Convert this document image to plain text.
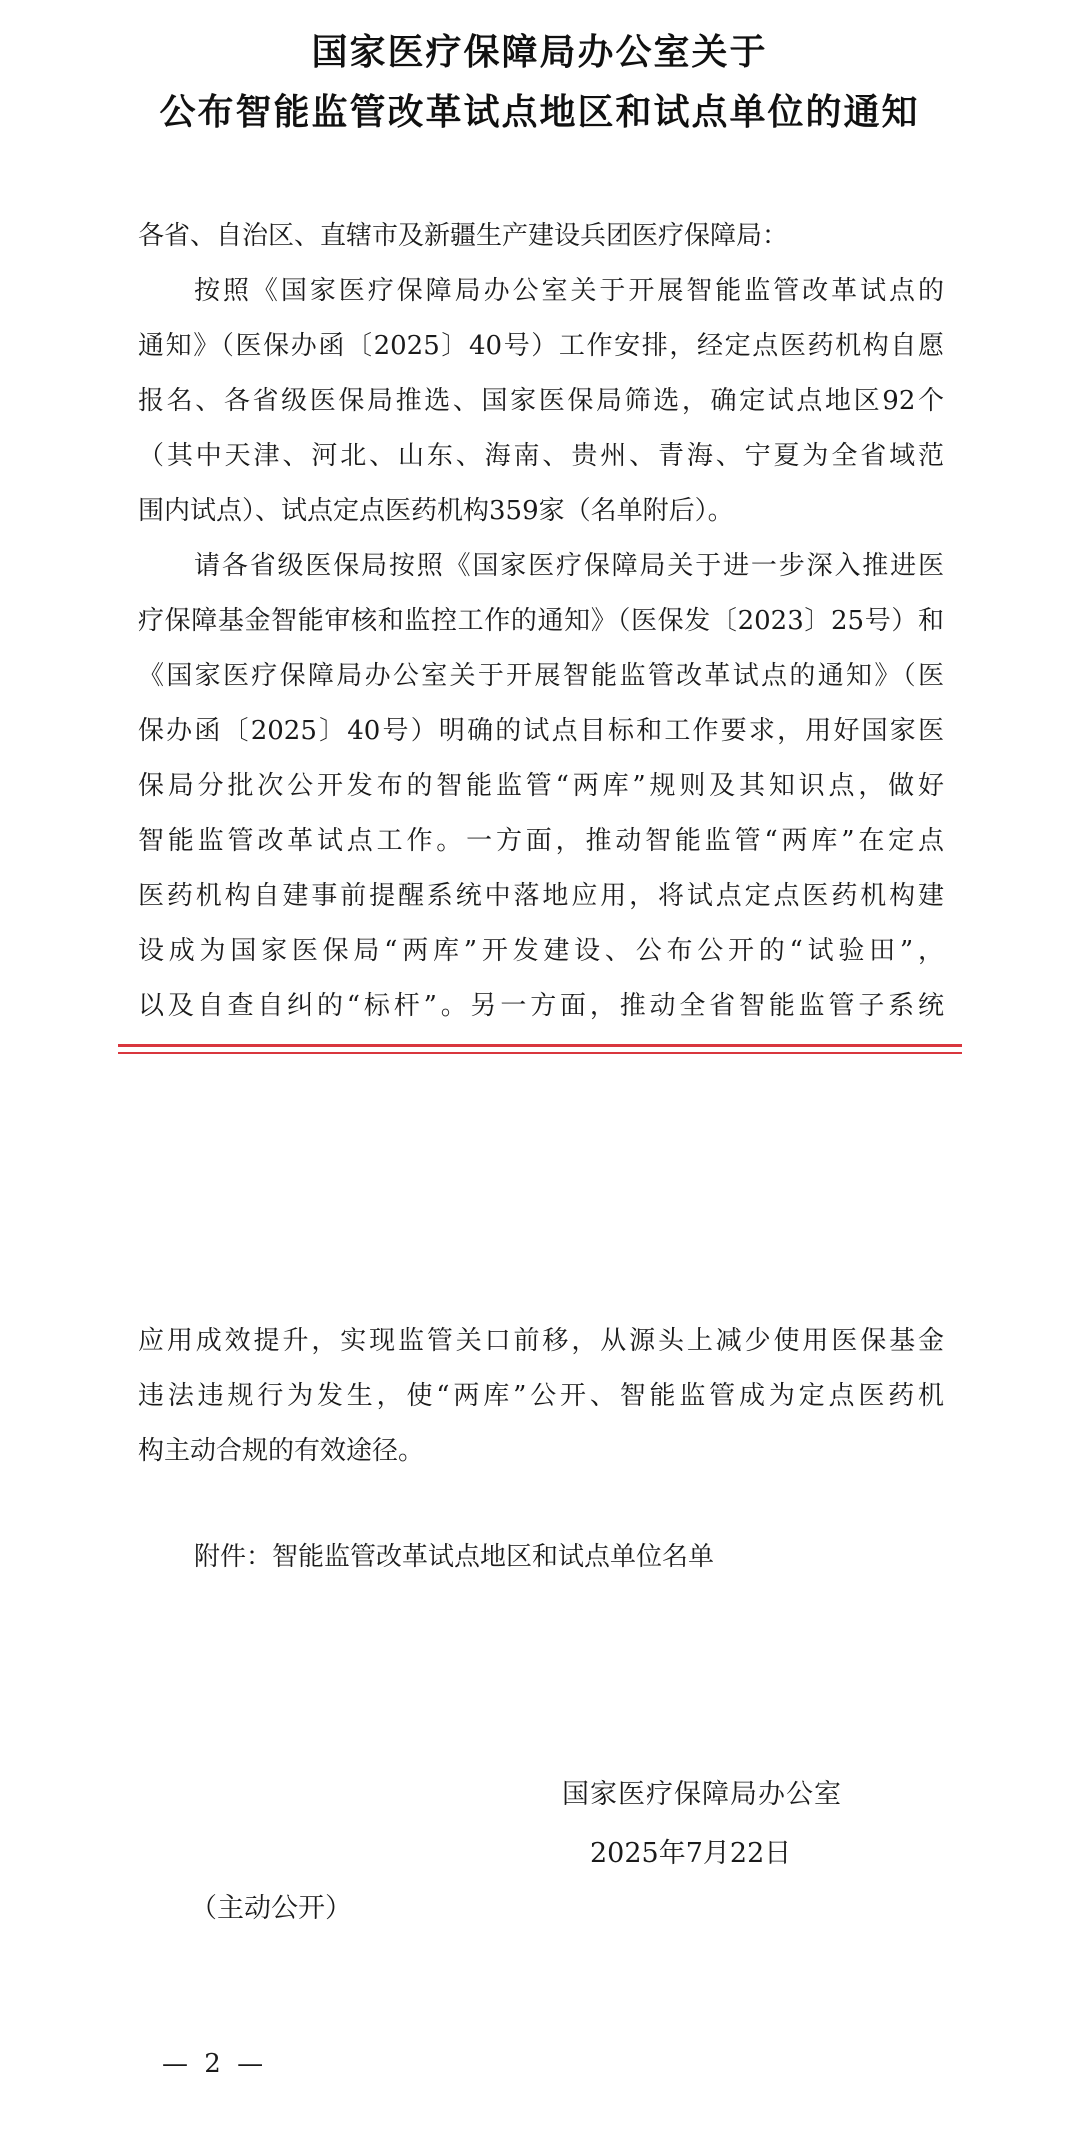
国家医疗保障局办公室关于
公布智能监管改革试点地区和试点单位的通知
各省、自治区、直辖市及新疆生产建设兵团医疗保障局：
按照《国家医疗保障局办公室关于开展智能监管改革试点的
通知》（医保办函〔2025〕40号）工作安排，经定点医药机构自愿
报名、各省级医保局推选、国家医保局筛选，确定试点地区92个
（其中天津、河北、山东、海南、贵州、青海、宁夏为全省域范
围内试点）、试点定点医药机构359家（名单附后）。
请各省级医保局按照《国家医疗保障局关于进一步深入推进医
疗保障基金智能审核和监控工作的通知》（医保发〔2023〕25号）和
《国家医疗保障局办公室关于开展智能监管改革试点的通知》（医
保办函〔2025〕40号）明确的试点目标和工作要求，用好国家医
保局分批次公开发布的智能监管“两库”规则及其知识点，做好
智能监管改革试点工作。一方面，推动智能监管“两库”在定点
医药机构自建事前提醒系统中落地应用，将试点定点医药机构建
设成为国家医保局“两库”开发建设、公布公开的“试验田”，
以及自查自纠的“标杆”。另一方面，推动全省智能监管子系统
应用成效提升，实现监管关口前移，从源头上减少使用医保基金
违法违规行为发生，使“两库”公开、智能监管成为定点医药机
构主动合规的有效途径。
附件：智能监管改革试点地区和试点单位名单
国家医疗保障局办公室
2025年7月22日
（主动公开）
— 2 —
